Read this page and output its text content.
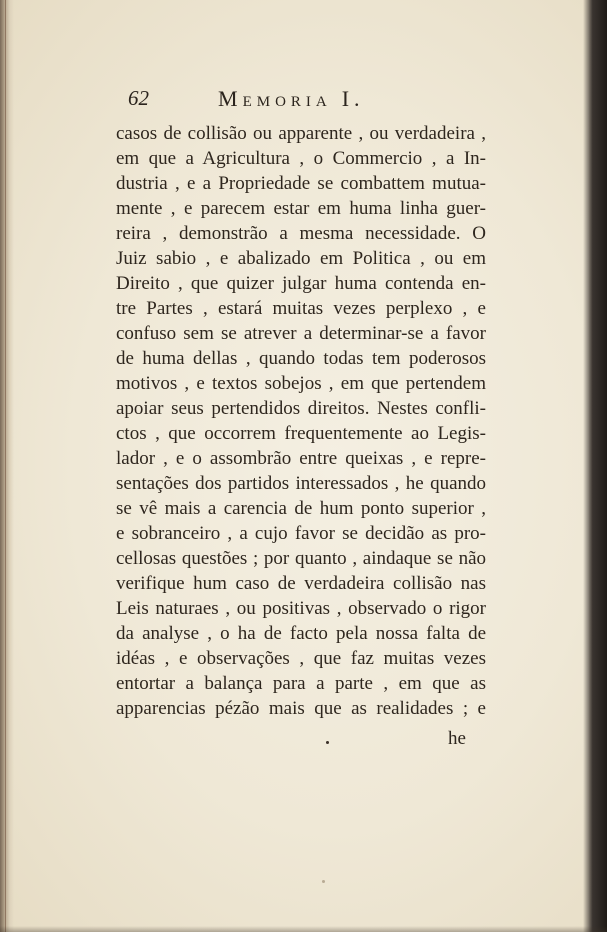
62	MEMORIA I.
casos de collisão ou apparente , ou verdadeira ,
em que a Agricultura , o Commercio , a In-
dustria , e a Propriedade se combattem mutua-
mente , e parecem estar em huma linha guer-
reira , demonstrão a mesma necessidade. O
Juiz sabio , e abalizado em Politica , ou em
Direito , que quizer julgar huma contenda en-
tre Partes , estará muitas vezes perplexo , e
confuso sem se atrever a determinar-se a favor
de huma dellas , quando todas tem poderosos
motivos , e textos sobejos , em que pertendem
apoiar seus pertendidos direitos. Nestes confli-
ctos , que occorrem frequentemente ao Legis-
lador , e o assombrão entre queixas , e repre-
sentações dos partidos interessados , he quando
se vê mais a carencia de hum ponto superior ,
e sobranceiro , a cujo favor se decidão as pro-
cellosas questões ; por quanto , aindaque se não
verifique hum caso de verdadeira collisão nas
Leis naturaes , ou positivas , observado o rigor
da analyse , o ha de facto pela nossa falta de
idéas , e observações , que faz muitas vezes
entortar a balança para a parte , em que as
apparencias pézão mais que as realidades ; e
he
